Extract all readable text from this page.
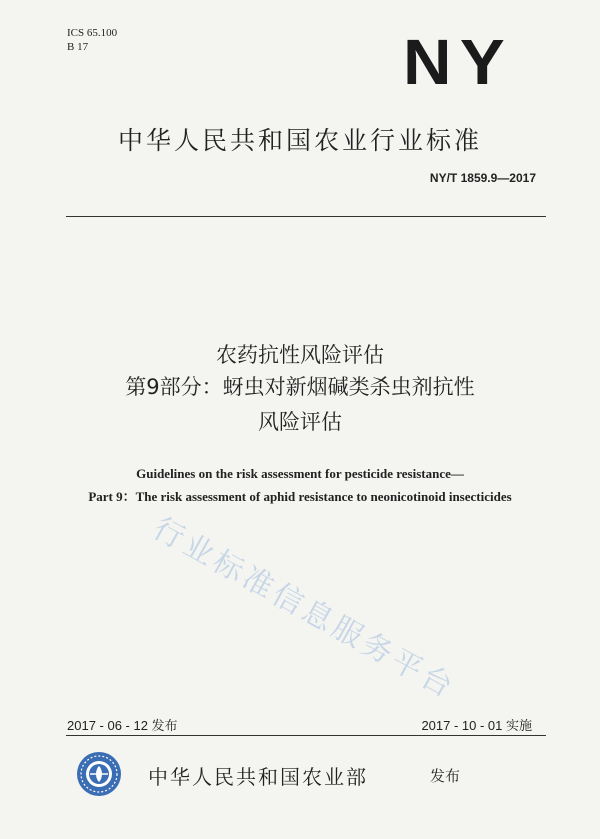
ICS 65.100
B 17	NY
中华人民共和国农业行业标准
NY/T 1859.9—2017
农药抗性风险评估
第9部分：蚜虫对新烟碱类杀虫剂抗性
风险评估
Guidelines on the risk assessment for pesticide resistance—
Part 9：The risk assessment of aphid resistance to neonicotinoid insecticides
行业标准信息服务平台
2017 - 06 - 12 发布	2017 - 10 - 01 实施
中华人民共和国农业部	发布
